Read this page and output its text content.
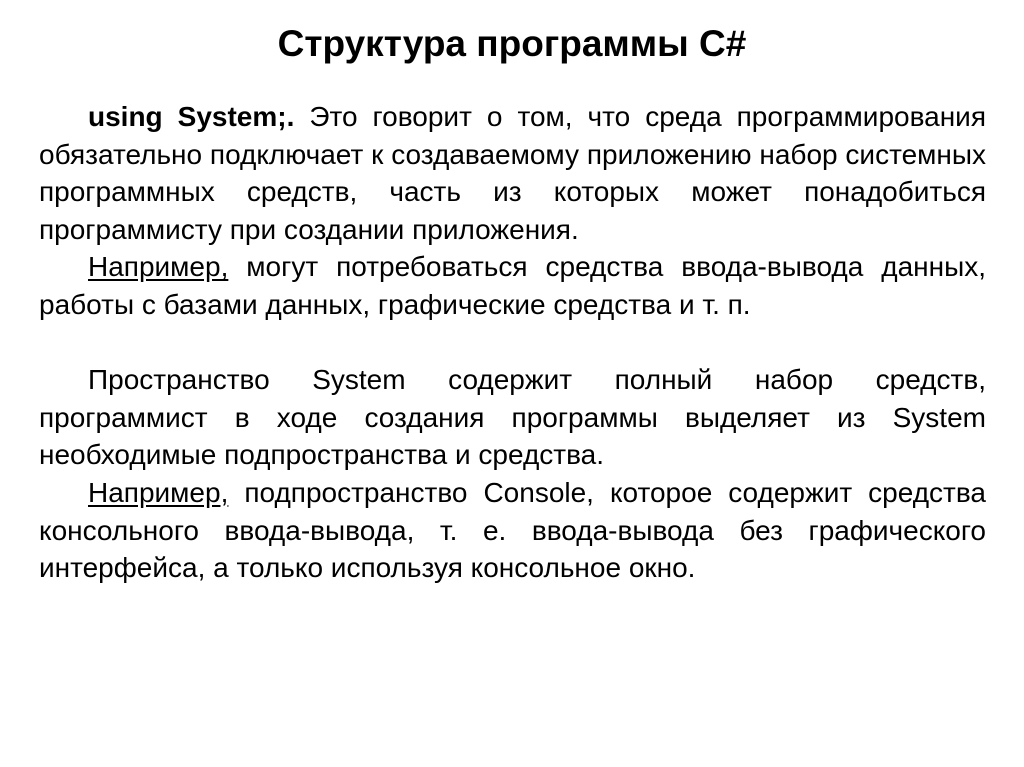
Структура программы C#

using System;. Это говорит о том, что среда программирования обязательно подключает к создаваемому приложению набор системных программных средств, часть из которых может понадобиться программисту при создании приложения.

Например, могут потребоваться средства ввода-вывода данных, работы с базами данных, графические средства и т. п.

Пространство System содержит полный набор средств, программист в ходе создания программы выделяет из System необходимые подпространства и средства.

Например, подпространство Console, которое содержит средства консольного ввода-вывода, т. е. ввода-вывода без графического интерфейса, а только используя консольное окно.
